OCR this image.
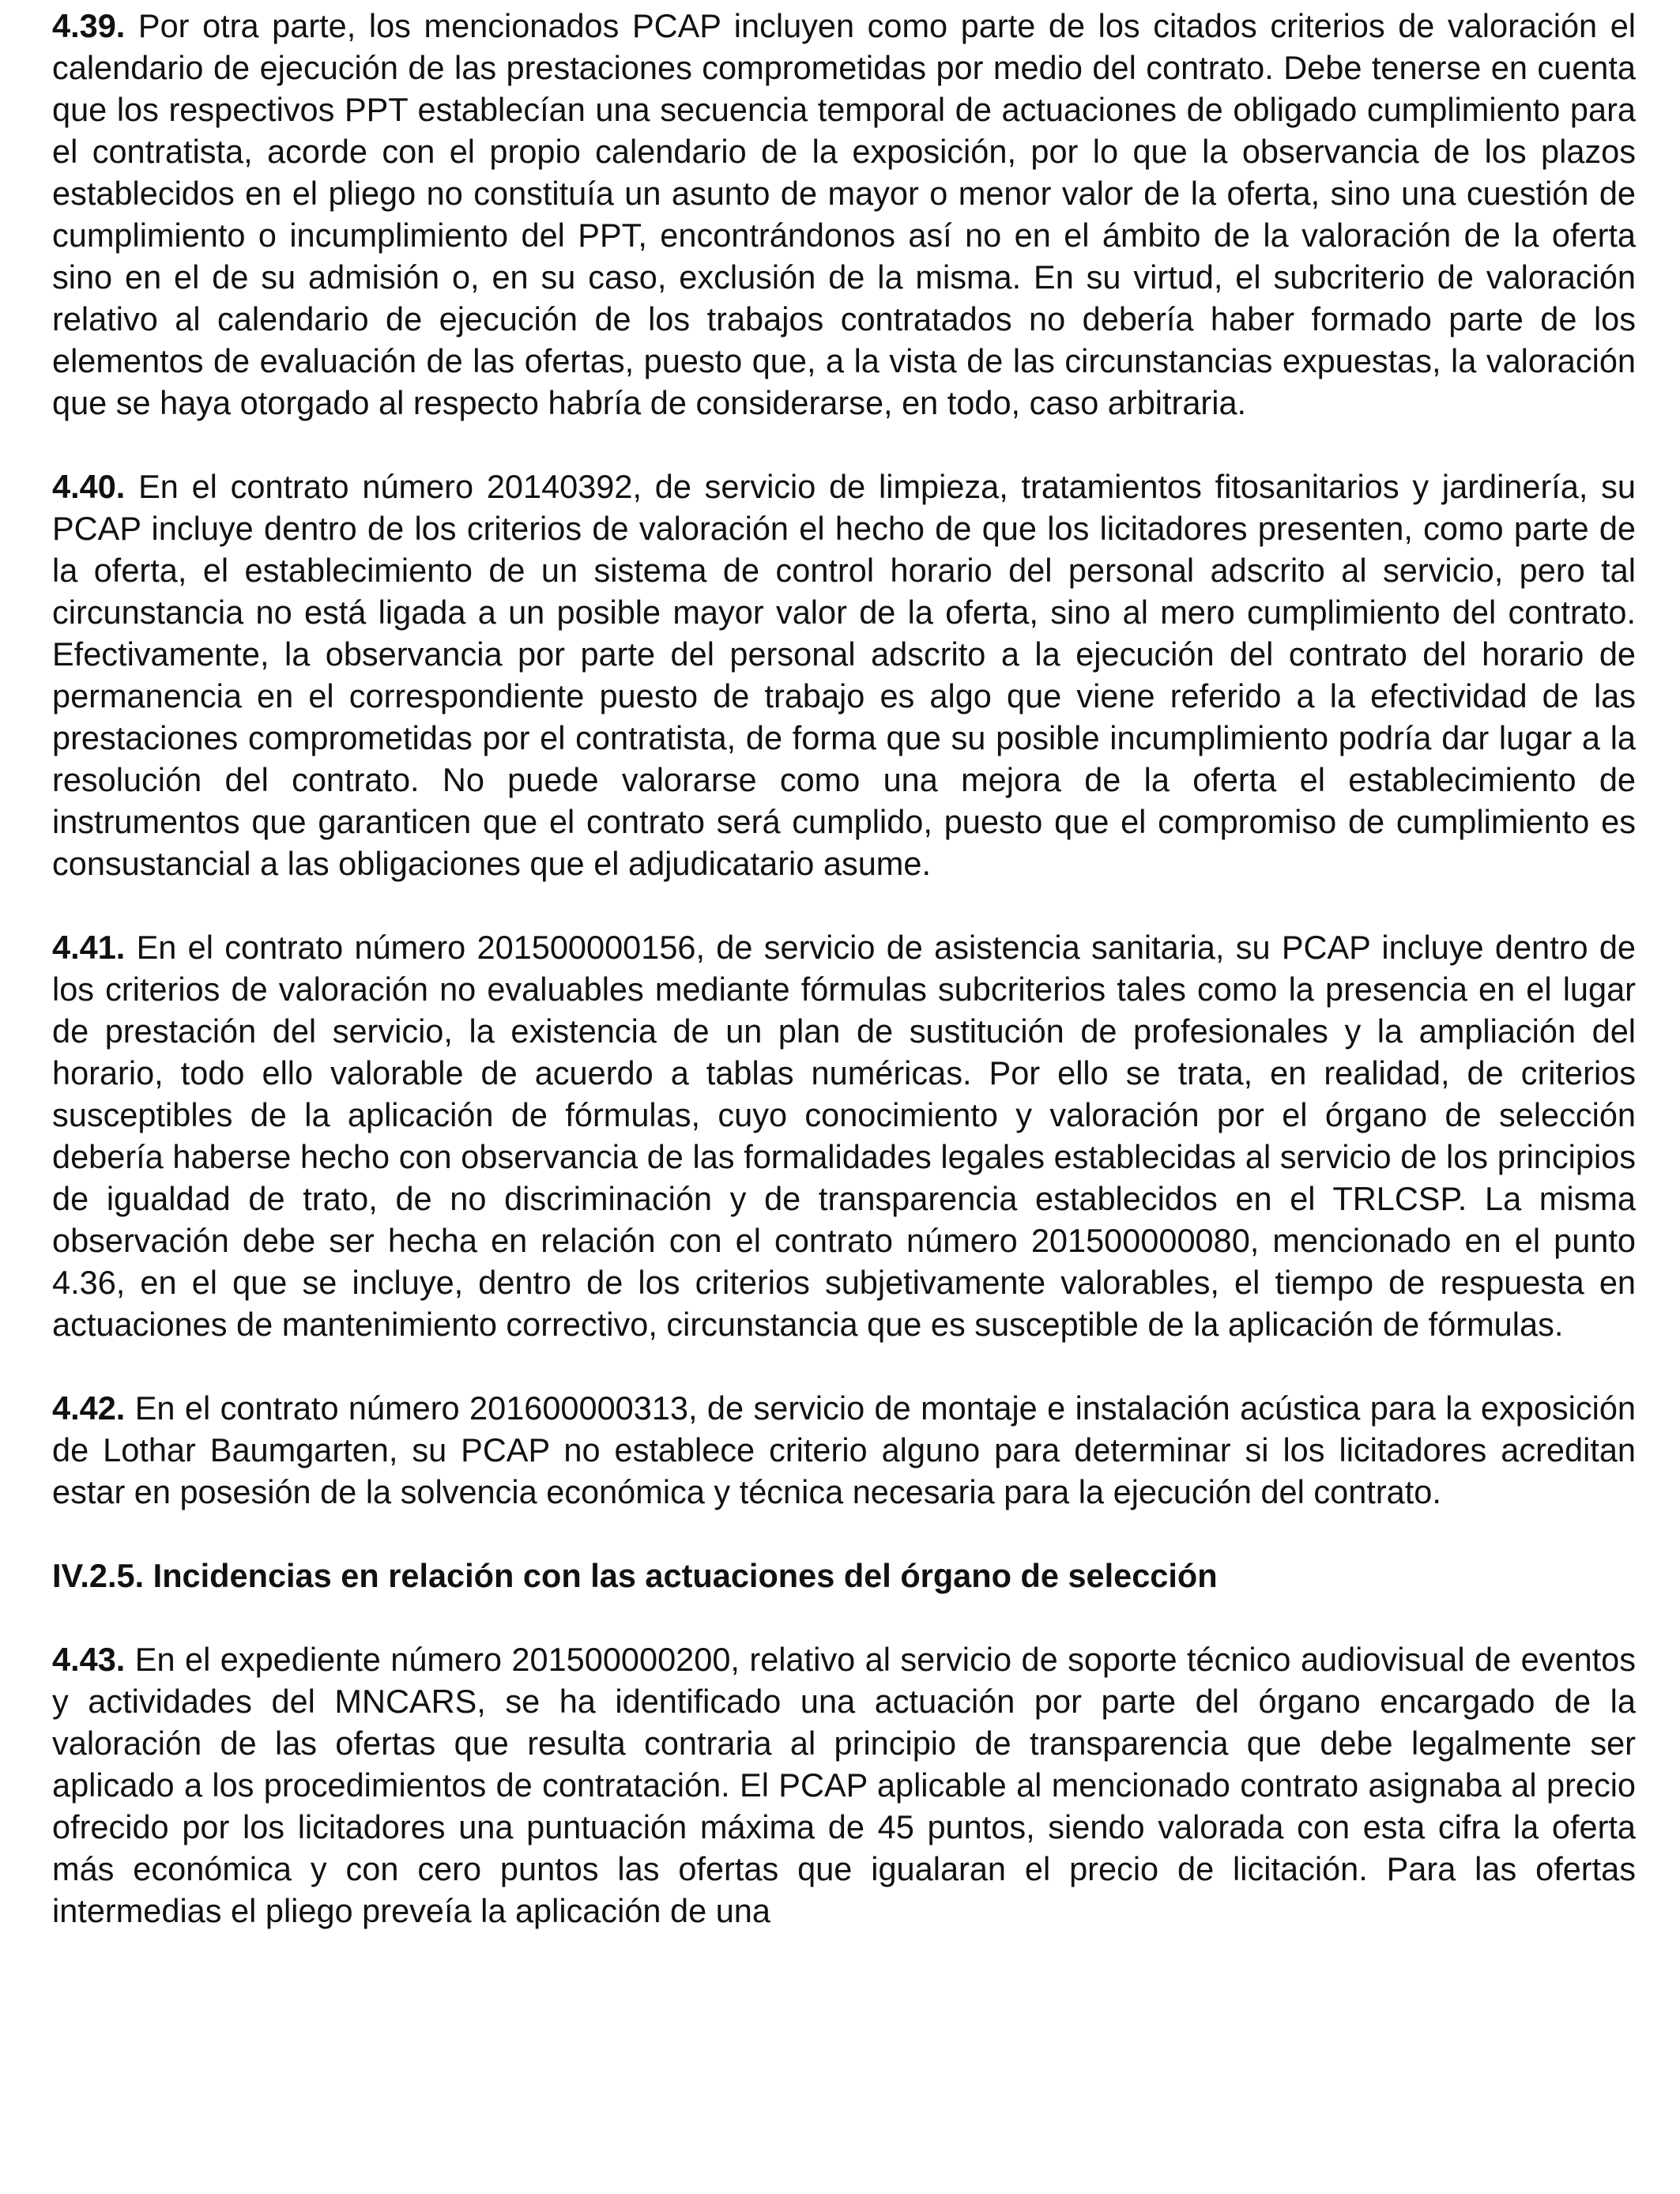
4.39. Por otra parte, los mencionados PCAP incluyen como parte de los citados criterios de valoración el calendario de ejecución de las prestaciones comprometidas por medio del contrato. Debe tenerse en cuenta que los respectivos PPT establecían una secuencia temporal de actuaciones de obligado cumplimiento para el contratista, acorde con el propio calendario de la exposición, por lo que la observancia de los plazos establecidos en el pliego no constituía un asunto de mayor o menor valor de la oferta, sino una cuestión de cumplimiento o incumplimiento del PPT, encontrándonos así no en el ámbito de la valoración de la oferta sino en el de su admisión o, en su caso, exclusión de la misma. En su virtud, el subcriterio de valoración relativo al calendario de ejecución de los trabajos contratados no debería haber formado parte de los elementos de evaluación de las ofertas, puesto que, a la vista de las circunstancias expuestas, la valoración que se haya otorgado al respecto habría de considerarse, en todo, caso arbitraria.

4.40. En el contrato número 20140392, de servicio de limpieza, tratamientos fitosanitarios y jardinería, su PCAP incluye dentro de los criterios de valoración el hecho de que los licitadores presenten, como parte de la oferta, el establecimiento de un sistema de control horario del personal adscrito al servicio, pero tal circunstancia no está ligada a un posible mayor valor de la oferta, sino al mero cumplimiento del contrato. Efectivamente, la observancia por parte del personal adscrito a la ejecución del contrato del horario de permanencia en el correspondiente puesto de trabajo es algo que viene referido a la efectividad de las prestaciones comprometidas por el contratista, de forma que su posible incumplimiento podría dar lugar a la resolución del contrato. No puede valorarse como una mejora de la oferta el establecimiento de instrumentos que garanticen que el contrato será cumplido, puesto que el compromiso de cumplimiento es consustancial a las obligaciones que el adjudicatario asume.

4.41. En el contrato número 201500000156, de servicio de asistencia sanitaria, su PCAP incluye dentro de los criterios de valoración no evaluables mediante fórmulas subcriterios tales como la presencia en el lugar de prestación del servicio, la existencia de un plan de sustitución de profesionales y la ampliación del horario, todo ello valorable de acuerdo a tablas numéricas. Por ello se trata, en realidad, de criterios susceptibles de la aplicación de fórmulas, cuyo conocimiento y valoración por el órgano de selección debería haberse hecho con observancia de las formalidades legales establecidas al servicio de los principios de igualdad de trato, de no discriminación y de transparencia establecidos en el TRLCSP. La misma observación debe ser hecha en relación con el contrato número 201500000080, mencionado en el punto 4.36, en el que se incluye, dentro de los criterios subjetivamente valorables, el tiempo de respuesta en actuaciones de mantenimiento correctivo, circunstancia que es susceptible de la aplicación de fórmulas.

4.42. En el contrato número 201600000313, de servicio de montaje e instalación acústica para la exposición de Lothar Baumgarten, su PCAP no establece criterio alguno para determinar si los licitadores acreditan estar en posesión de la solvencia económica y técnica necesaria para la ejecución del contrato.

IV.2.5. Incidencias en relación con las actuaciones del órgano de selección

4.43. En el expediente número 201500000200, relativo al servicio de soporte técnico audiovisual de eventos y actividades del MNCARS, se ha identificado una actuación por parte del órgano encargado de la valoración de las ofertas que resulta contraria al principio de transparencia que debe legalmente ser aplicado a los procedimientos de contratación. El PCAP aplicable al mencionado contrato asignaba al precio ofrecido por los licitadores una puntuación máxima de 45 puntos, siendo valorada con esta cifra la oferta más económica y con cero puntos las ofertas que igualaran el precio de licitación. Para las ofertas intermedias el pliego preveía la aplicación de una
